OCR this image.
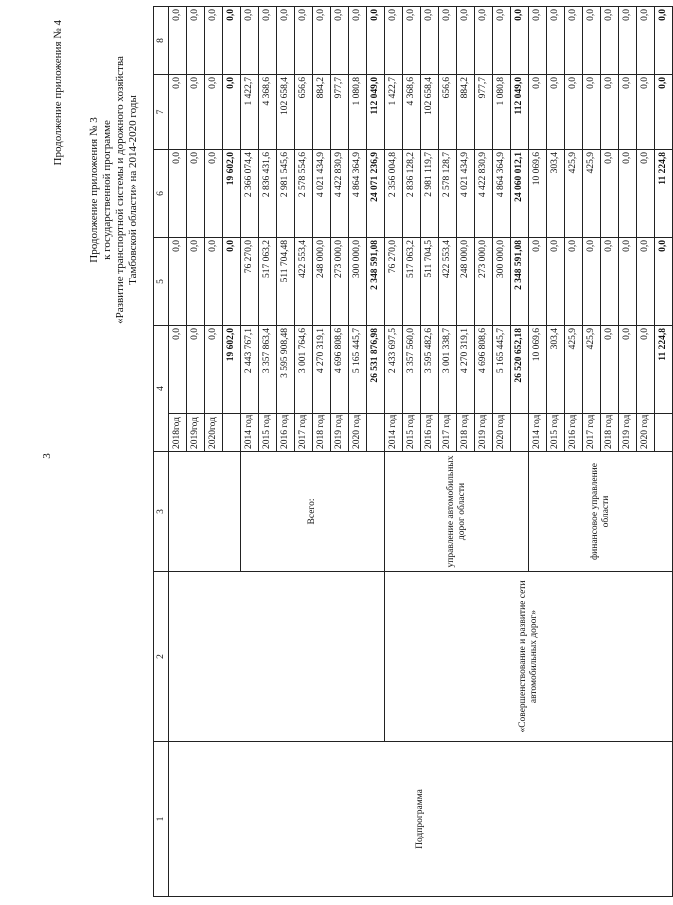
3
Продолжение приложения № 4
Продолжение приложения № 3 к государственной программе «Развитие транспортной системы и дорожного хозяйства Тамбовской области» на 2014-2020 годы
1	2	3	4		5	6	7	8
Подпрограмма			2018год	0,0	0,0	0,0	0,0	0,0
			2019год	0,0	0,0	0,0	0,0	0,0
			2020год	0,0	0,0	0,0	0,0	0,0
				19 602,0	0,0	19 602,0	0,0	0,0
		Всего:	2014 год	2 443 767,1	76 270,0	2 366 074,4	1 422,7	0,0
			2015 год	3 357 863,4	517 063,2	2 836 431,6	4 368,6	0,0
			2016 год	3 595 908,48	511 704,48	2 981 545,6	102 658,4	0,0
			2017 год	3 001 764,6	422 553,4	2 578 554,6	656,6	0,0
			2018 год	4 270 319,1	248 000,0	4 021 434,9	884,2	0,0
			2019 год	4 696 808,6	273 000,0	4 422 830,9	977,7	0,0
			2020 год	5 165 445,7	300 000,0	4 864 364,9	1 080,8	0,0
				26 531 876,98	2 348 591,08	24 071 236,9	112 049,0	0,0
	«Совершенствование и развитие сети автомобильных дорог»	управление автомобильных дорог области	2014 год	2 433 697,5	76 270,0	2 356 004,8	1 422,7	0,0
			2015 год	3 357 560,0	517 063,2	2 836 128,2	4 368,6	0,0
			2016 год	3 595 482,6	511 704,5	2 981 119,7	102 658,4	0,0
			2017 год	3 001 338,7	422 553,4	2 578 128,7	656,6	0,0
			2018 год	4 270 319,1	248 000,0	4 021 434,9	884,2	0,0
			2019 год	4 696 808,6	273 000,0	4 422 830,9	977,7	0,0
			2020 год	5 165 445,7	300 000,0	4 864 364,9	1 080,8	0,0
				26 520 652,18	2 348 591,08	24 060 012,1	112 049,0	0,0
		финансовое управление области	2014 год	10 069,6	0,0	10 069,6	0,0	0,0
			2015 год	303,4	0,0	303,4	0,0	0,0
			2016 год	425,9	0,0	425,9	0,0	0,0
			2017 год	425,9	0,0	425,9	0,0	0,0
			2018 год	0,0	0,0	0,0	0,0	0,0
			2019 год	0,0	0,0	0,0	0,0	0,0
			2020 год	0,0	0,0	0,0	0,0	0,0
				11 224,8	0,0	11 224,8	0,0	0,0
